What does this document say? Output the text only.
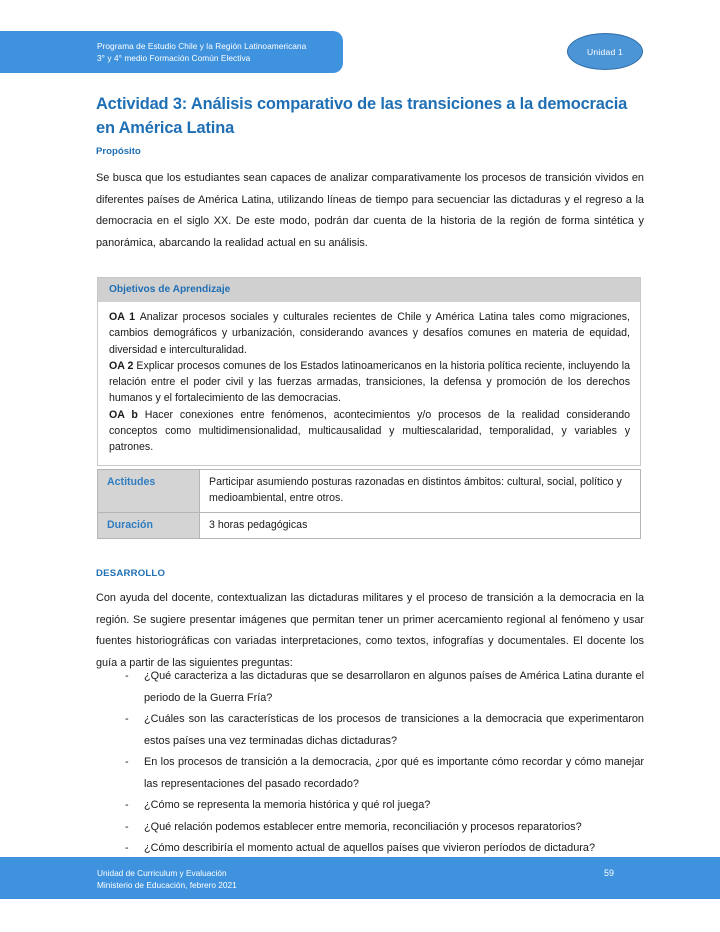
Programa de Estudio Chile y la Región Latinoamericana
3° y 4° medio Formación Común Electiva
Unidad 1
Actividad 3: Análisis comparativo de las transiciones a la democracia en América Latina
Propósito
Se busca que los estudiantes sean capaces de analizar comparativamente los procesos de transición vividos en diferentes países de América Latina, utilizando líneas de tiempo para secuenciar las dictaduras y el regreso a la democracia en el siglo XX. De este modo, podrán dar cuenta de la historia de la región de forma sintética y panorámica, abarcando la realidad actual en su análisis.
Objetivos de Aprendizaje

OA 1 Analizar procesos sociales y culturales recientes de Chile y América Latina tales como migraciones, cambios demográficos y urbanización, considerando avances y desafíos comunes en materia de equidad, diversidad e interculturalidad.

OA 2 Explicar procesos comunes de los Estados latinoamericanos en la historia política reciente, incluyendo la relación entre el poder civil y las fuerzas armadas, transiciones, la defensa y promoción de los derechos humanos y el fortalecimiento de las democracias.

OA b Hacer conexiones entre fenómenos, acontecimientos y/o procesos de la realidad considerando conceptos como multidimensionalidad, multicausalidad y multiescalaridad, temporalidad, y variables y patrones.

Actitudes	Participar asumiendo posturas razonadas en distintos ámbitos: cultural, social, político y medioambiental, entre otros.
Duración	3 horas pedagógicas
DESARROLLO
Con ayuda del docente, contextualizan las dictaduras militares y el proceso de transición a la democracia en la región. Se sugiere presentar imágenes que permitan tener un primer acercamiento regional al fenómeno y usar fuentes historiográficas con variadas interpretaciones, como textos, infografías y documentales. El docente los guía a partir de las siguientes preguntas:
- ¿Qué caracteriza a las dictaduras que se desarrollaron en algunos países de América Latina durante el periodo de la Guerra Fría?
- ¿Cuáles son las características de los procesos de transiciones a la democracia que experimentaron estos países una vez terminadas dichas dictaduras?
- En los procesos de transición a la democracia, ¿por qué es importante cómo recordar y cómo manejar las representaciones del pasado recordado?
- ¿Cómo se representa la memoria histórica y qué rol juega?
- ¿Qué relación podemos establecer entre memoria, reconciliación y procesos reparatorios?
- ¿Cómo describiría el momento actual de aquellos países que vivieron períodos de dictadura?
Unidad de Curriculum y Evaluación
Ministerio de Educación, febrero 2021
59
